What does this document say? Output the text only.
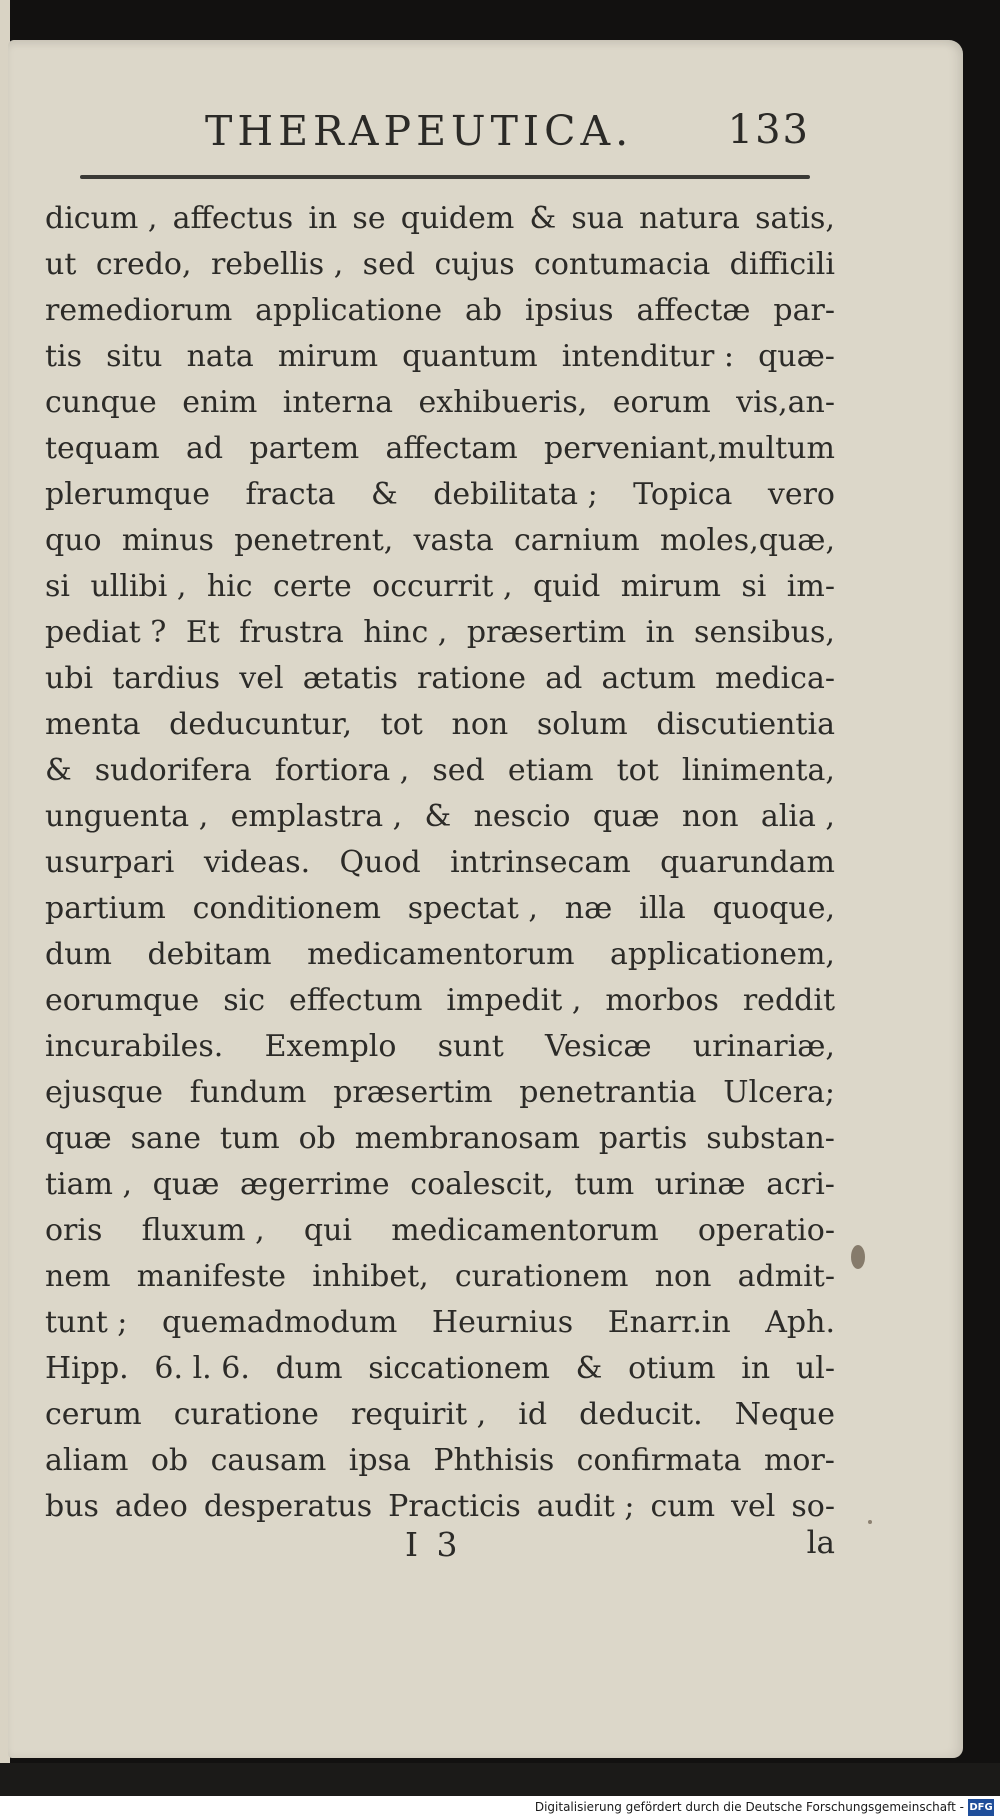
THERAPEUTICA. 133
dicum , affectus in se quidem & sua natura satis,
ut credo, rebellis , sed cujus contumacia difficili
remediorum applicatione ab ipsius affectæ par-
tis situ nata mirum quantum intenditur : quæ-
cunque enim interna exhibueris, eorum vis,an-
tequam ad partem affectam perveniant,multum
plerumque fracta & debilitata ; Topica vero
quo minus penetrent, vasta carnium moles,quæ,
si ullibi , hic certe occurrit , quid mirum si im-
pediat ? Et frustra hinc , præsertim in sensibus,
ubi tardius vel ætatis ratione ad actum medica-
menta deducuntur, tot non solum discutientia
& sudorifera fortiora , sed etiam tot linimenta,
unguenta , emplastra , & nescio quæ non alia ,
usurpari videas. Quod intrinsecam quarundam
partium conditionem spectat , næ illa quoque,
dum debitam medicamentorum applicationem,
eorumque sic effectum impedit , morbos reddit
incurabiles. Exemplo sunt Vesicæ urinariæ,
ejusque fundum præsertim penetrantia Ulcera;
quæ sane tum ob membranosam partis substan-
tiam , quæ ægerrime coalescit, tum urinæ acri-
oris fluxum , qui medicamentorum operatio-
nem manifeste inhibet, curationem non admit-
tunt ; quemadmodum Heurnius Enarr.in Aph.
Hipp. 6. l. 6. dum siccationem & otium in ul-
cerum curatione requirit , id deducit. Neque
aliam ob causam ipsa Phthisis confirmata mor-
bus adeo desperatus Practicis audit ; cum vel so-
I 3	la
Digitalisierung gefördert durch die Deutsche Forschungsgemeinschaft - DFG
